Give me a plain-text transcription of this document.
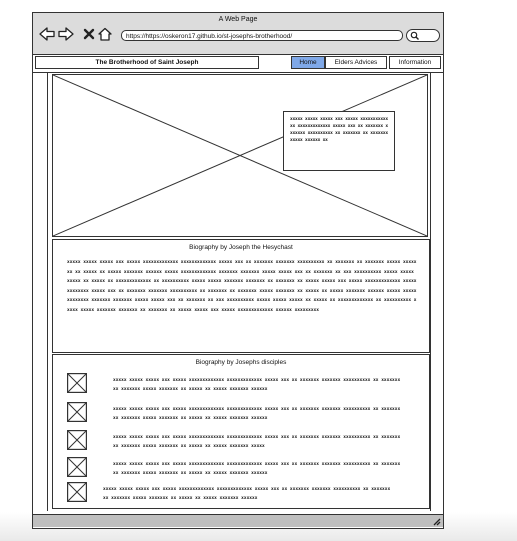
A Web Page
https://https://oskeron17.github.io/st-josephs-brotherhood/
The Brotherhood of Saint Joseph	Home	Elders Advices	Information
xxxxx xxxxx xxxxx xxx xxxxx xxxxxxxxxxxxx xxxxxxxxxxxxx xxxxx xxx xx xxxxxxx xxxxxxx xxxxxxxxxx xx xxxxxxx xx xxxxxxx xxxxx xxxxxx xx
Biography by Joseph the Hesychast
xxxxx xxxxx xxxxx xxx xxxxx xxxxxxxxxxxxx xxxxxxxxxxxxx xxxxx xxx xx xxxxxxx xxxxxxx xxxxxxxxxx xx xxxxxxx xx xxxxxxx xxxxx xxxxxxx xx xxxxx xx xxxxx xxxxxxx xxxxxx xxxxx xxxxxxxxxxxxx xxxxxxx xxxxxxx xxxxx xxxxx xxx xx xxxxxxx xx xxx xxxxxxxxxx xxxxx xxxxx xxxxx xx xxxxx xx xxxxxxxxxxxxx xx xxxxxxxxxx xxxxx xxxxx xxxxxxx xxxxxxx xx xxxxxxx xx xxxxx xxxxx xxx xxxxx xxxxxxxxxxxxx xxxxxxxxxxxxx xxxxx xxx xx xxxxxxx xxxxxxx xxxxxxxxxx xx xxxxxxx xx xxxxxxx xxxxx xxxxxxx xx xxxxx xx xxxxx xxxxxxx xxxxxx xxxxx xxxxxxxxxxxxx xxxxxxx xxxxxxx xxxxx xxxxx xxx xx xxxxxxx xx xxx xxxxxxxxxx xxxxx xxxxx xxxxx xx xxxxx xx xxxxxxxxxxxxx xx xxxxxxxxxx xxxxx xxxxx xxxxxxx xxxxxxx xx xxxxxxx xx xxxxx xxxxx xxx xxxxx xxxxxxxxxxxxx xxxxxx xxxxxxxxx
Biography by Josephs disciples
xxxxx xxxxx xxxxx xxx xxxxx xxxxxxxxxxxxx xxxxxxxxxxxxx xxxxx xxx xx xxxxxxx xxxxxxx xxxxxxxxxx xx xxxxxxx xx xxxxxxx xxxxx xxxxxxx xx xxxxx xx xxxxx xxxxxxx xxxxxx
xxxxx xxxxx xxxxx xxx xxxxx xxxxxxxxxxxxx xxxxxxxxxxxxx xxxxx xxx xx xxxxxxx xxxxxxx xxxxxxxxxx xx xxxxxxx xx xxxxxxx xxxxx xxxxxxx xx xxxxx xx xxxxx xxxxxxx xxxxxx
xxxxx xxxxx xxxxx xxx xxxxx xxxxxxxxxxxxx xxxxxxxxxxxxx xxxxx xxx xx xxxxxxx xxxxxxx xxxxxxxxxx xx xxxxxxx xx xxxxxxx xxxxx xxxxxxx xx xxxxx xx xxxxx xxxxxxx xxxxx
xxxxx xxxxx xxxxx xxx xxxxx xxxxxxxxxxxxx xxxxxxxxxxxxx xxxxx xxx xx xxxxxxx xxxxxxx xxxxxxxxxx xx xxxxxxx xx xxxxxxx xxxxx xxxxxxx xx xxxxx xx xxxxx xxxxxxx xxxxxx
xxxxx xxxxx xxxxx xxx xxxxx xxxxxxxxxxxxx xxxxxxxxxxxxx xxxxx xxx xx xxxxxxx xxxxxxx xxxxxxxxxx xx xxxxxxx xx xxxxxxx xxxxx xxxxxxx xx xxxxx xx xxxxx xxxxxxx xxxxxx
